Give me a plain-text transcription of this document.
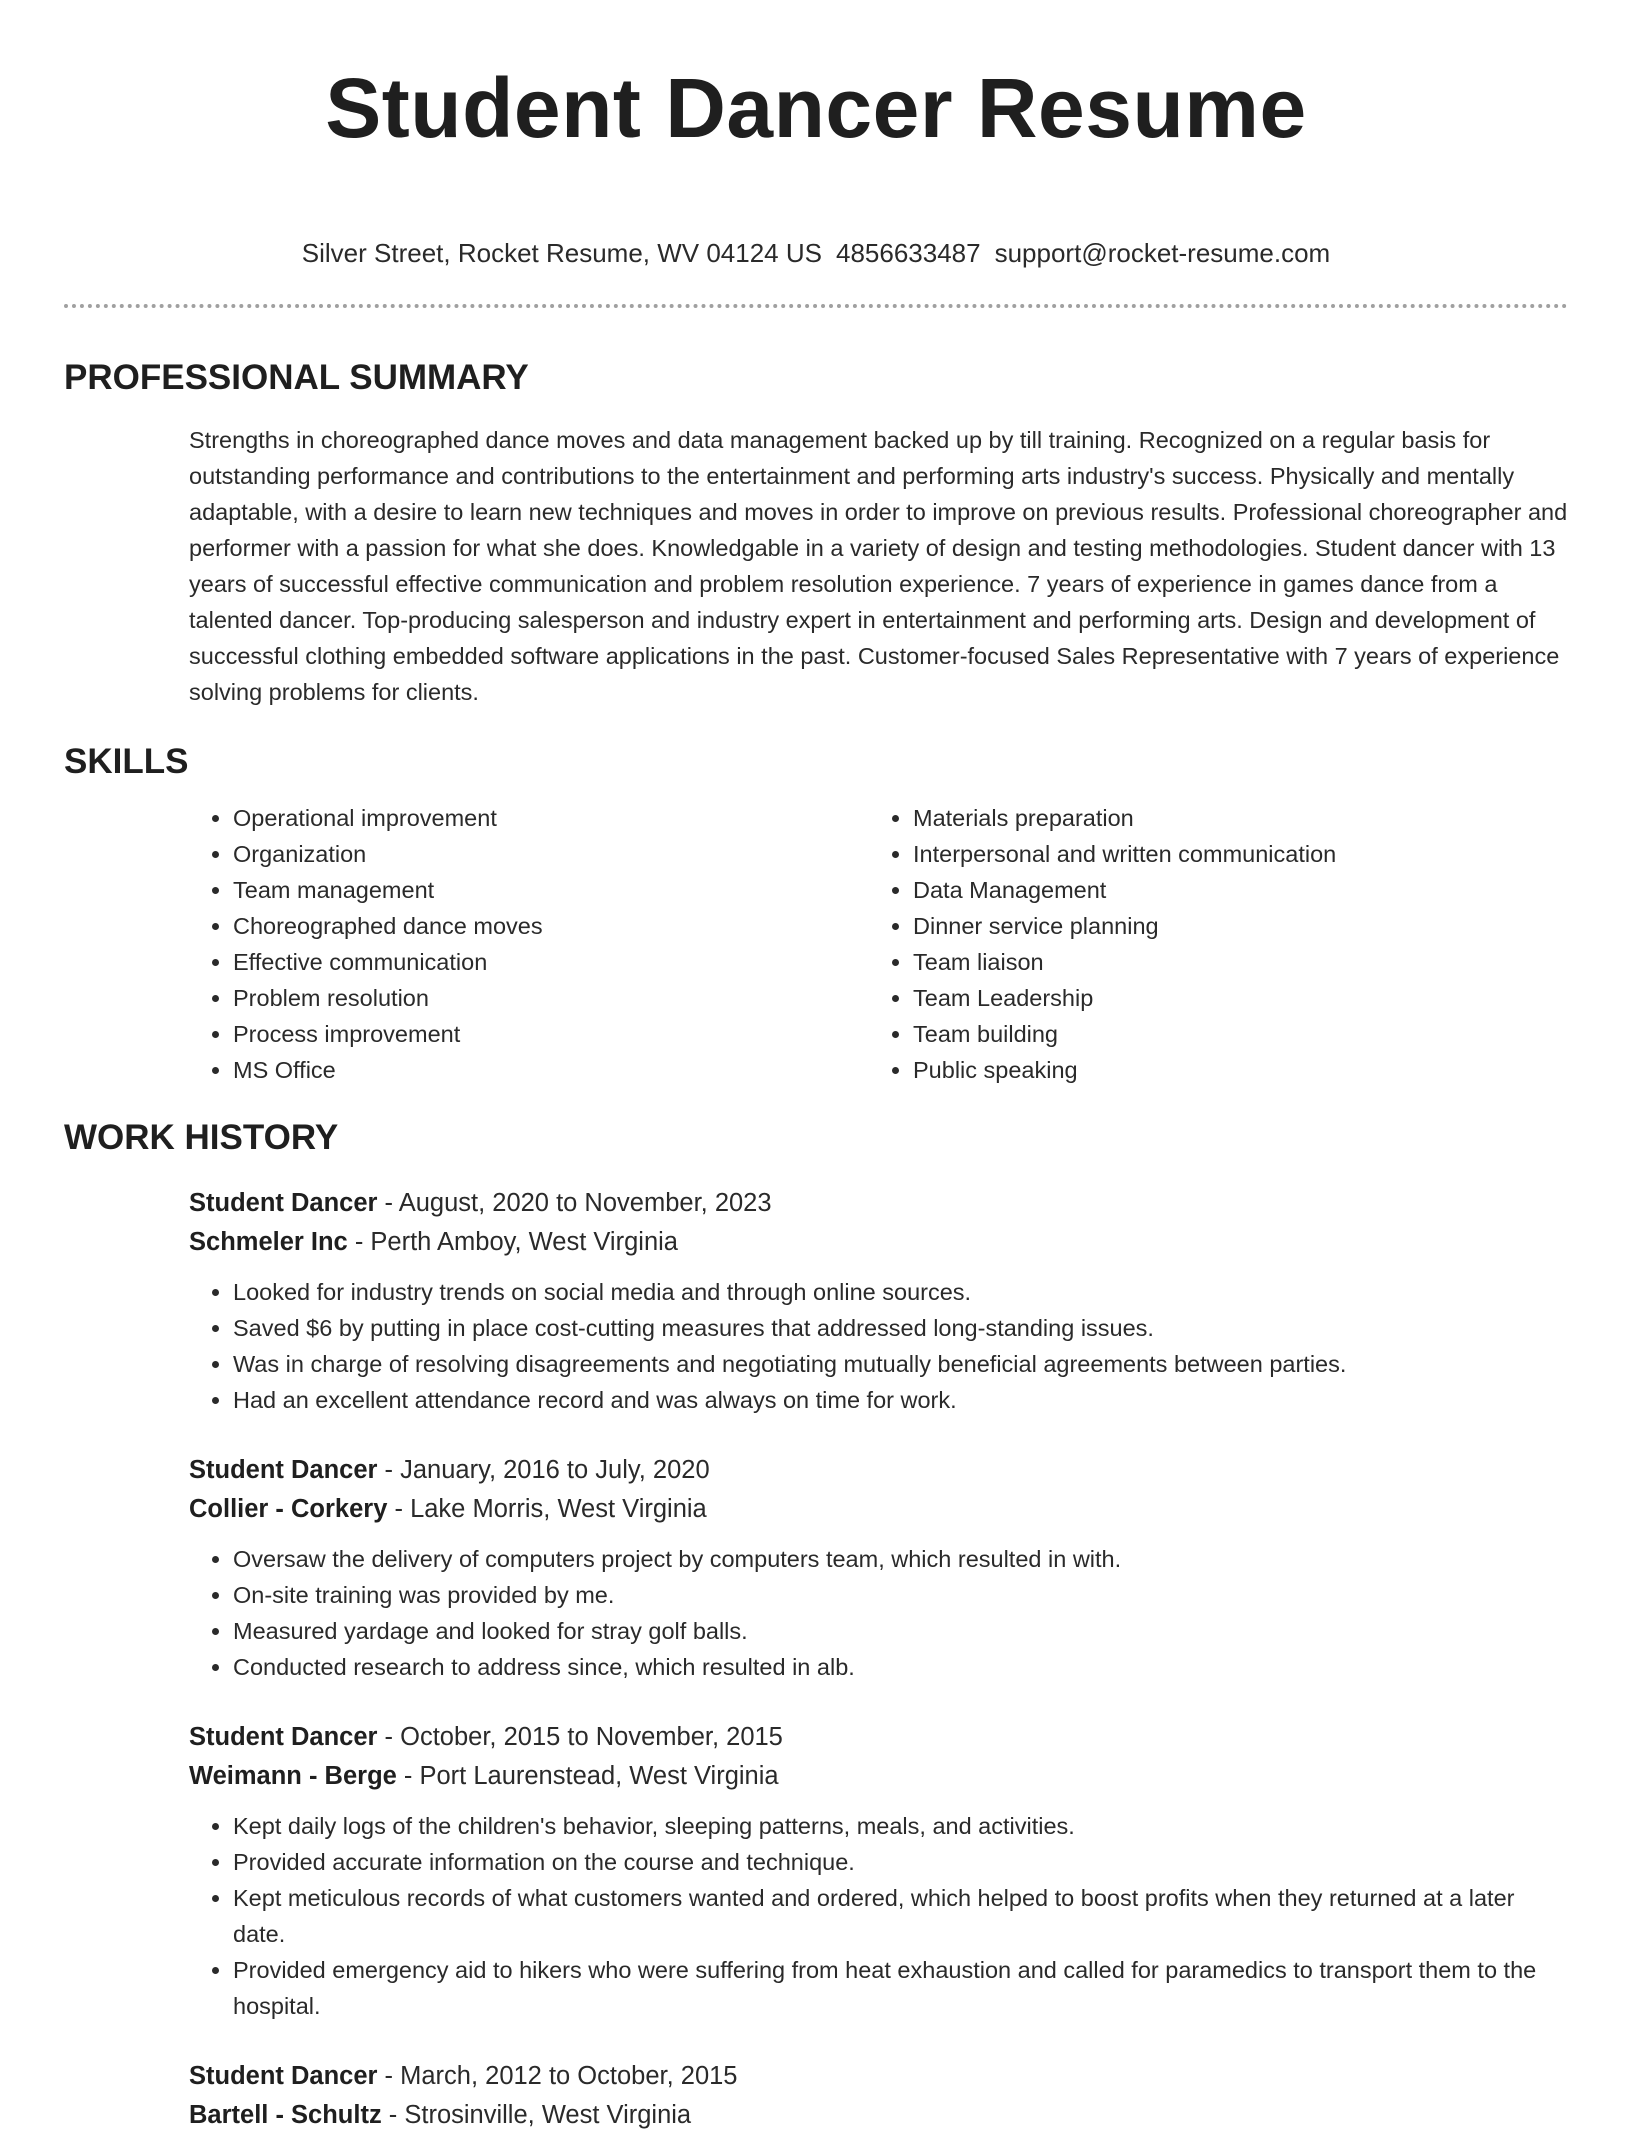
Student Dancer Resume
Silver Street, Rocket Resume, WV 04124 US 4856633487 support@rocket-resume.com
PROFESSIONAL SUMMARY

Strengths in choreographed dance moves and data management backed up by till training. Recognized on a regular basis for outstanding performance and contributions to the entertainment and performing arts industry's success. Physically and mentally adaptable, with a desire to learn new techniques and moves in order to improve on previous results. Professional choreographer and performer with a passion for what she does. Knowledgable in a variety of design and testing methodologies. Student dancer with 13 years of successful effective communication and problem resolution experience. 7 years of experience in games dance from a talented dancer. Top-producing salesperson and industry expert in entertainment and performing arts. Design and development of successful clothing embedded software applications in the past. Customer-focused Sales Representative with 7 years of experience solving problems for clients.

SKILLS
• Operational improvement
• Organization
• Team management
• Choreographed dance moves
• Effective communication
• Problem resolution
• Process improvement
• MS Office
• Materials preparation
• Interpersonal and written communication
• Data Management
• Dinner service planning
• Team liaison
• Team Leadership
• Team building
• Public speaking
WORK HISTORY
Student Dancer - August, 2020 to November, 2023
Schmeler Inc - Perth Amboy, West Virginia
• Looked for industry trends on social media and through online sources.
• Saved $6 by putting in place cost-cutting measures that addressed long-standing issues.
• Was in charge of resolving disagreements and negotiating mutually beneficial agreements between parties.
• Had an excellent attendance record and was always on time for work.
Student Dancer - January, 2016 to July, 2020
Collier - Corkery - Lake Morris, West Virginia
• Oversaw the delivery of computers project by computers team, which resulted in with.
• On-site training was provided by me.
• Measured yardage and looked for stray golf balls.
• Conducted research to address since, which resulted in alb.
Student Dancer - October, 2015 to November, 2015
Weimann - Berge - Port Laurenstead, West Virginia
• Kept daily logs of the children's behavior, sleeping patterns, meals, and activities.
• Provided accurate information on the course and technique.
• Kept meticulous records of what customers wanted and ordered, which helped to boost profits when they returned at a later date.
• Provided emergency aid to hikers who were suffering from heat exhaustion and called for paramedics to transport them to the hospital.
Student Dancer - March, 2012 to October, 2015
Bartell - Schultz - Strosinville, West Virginia
